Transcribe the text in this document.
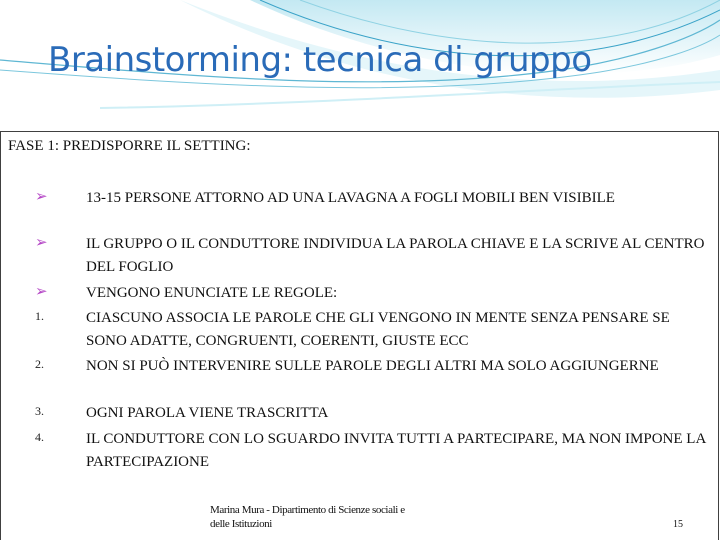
Brainstorming: tecnica di gruppo
FASE 1: PREDISPORRE IL SETTING:
➢	13-15 PERSONE ATTORNO AD UNA LAVAGNA A FOGLI MOBILI BEN VISIBILE
➢	IL GRUPPO O IL CONDUTTORE INDIVIDUA LA PAROLA CHIAVE E LA SCRIVE AL CENTRO DEL FOGLIO
➢	VENGONO ENUNCIATE LE REGOLE:
1.	CIASCUNO ASSOCIA LE PAROLE CHE GLI VENGONO IN MENTE SENZA PENSARE SE SONO ADATTE, CONGRUENTI, COERENTI, GIUSTE ECC
2.	NON SI PUÒ INTERVENIRE SULLE PAROLE DEGLI ALTRI MA SOLO AGGIUNGERNE
3.	OGNI PAROLA VIENE TRASCRITTA
4.	IL CONDUTTORE CON LO SGUARDO INVITA TUTTI A PARTECIPARE, MA NON IMPONE LA PARTECIPAZIONE
Marina Mura - Dipartimento di Scienze sociali e
delle Istituzioni	15
